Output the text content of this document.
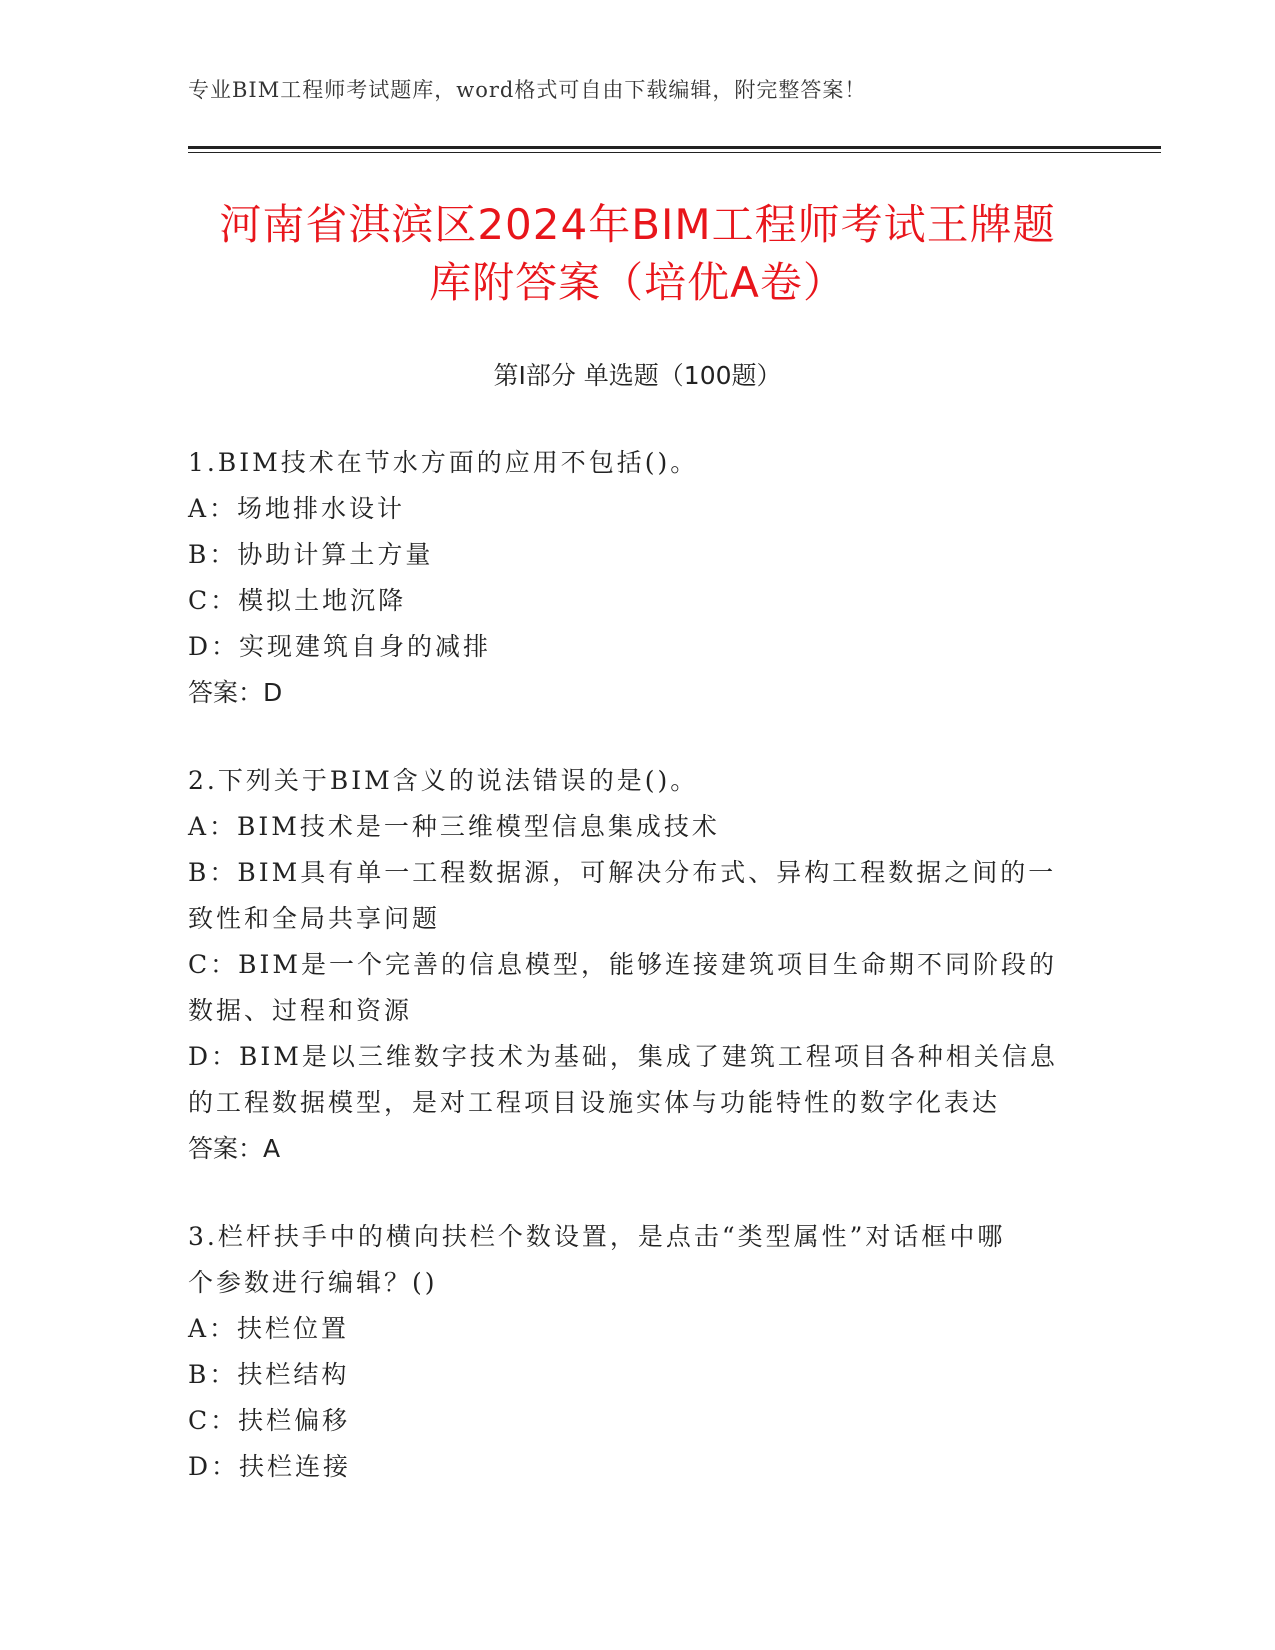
专业BIM工程师考试题库，word格式可自由下载编辑，附完整答案！
河南省淇滨区2024年BIM工程师考试王牌题
库附答案（培优A卷）
第I部分 单选题（100题）
1.BIM技术在节水方面的应用不包括()。
A：场地排水设计
B：协助计算土方量
C：模拟土地沉降
D：实现建筑自身的减排
答案：D
2.下列关于BIM含义的说法错误的是()。
A：BIM技术是一种三维模型信息集成技术
B：BIM具有单一工程数据源，可解决分布式、异构工程数据之间的一
致性和全局共享问题
C：BIM是一个完善的信息模型，能够连接建筑项目生命期不同阶段的
数据、过程和资源
D：BIM是以三维数字技术为基础，集成了建筑工程项目各种相关信息
的工程数据模型，是对工程项目设施实体与功能特性的数字化表达
答案：A
3.栏杆扶手中的横向扶栏个数设置，是点击“类型属性”对话框中哪
个参数进行编辑？()
A：扶栏位置
B：扶栏结构
C：扶栏偏移
D：扶栏连接
